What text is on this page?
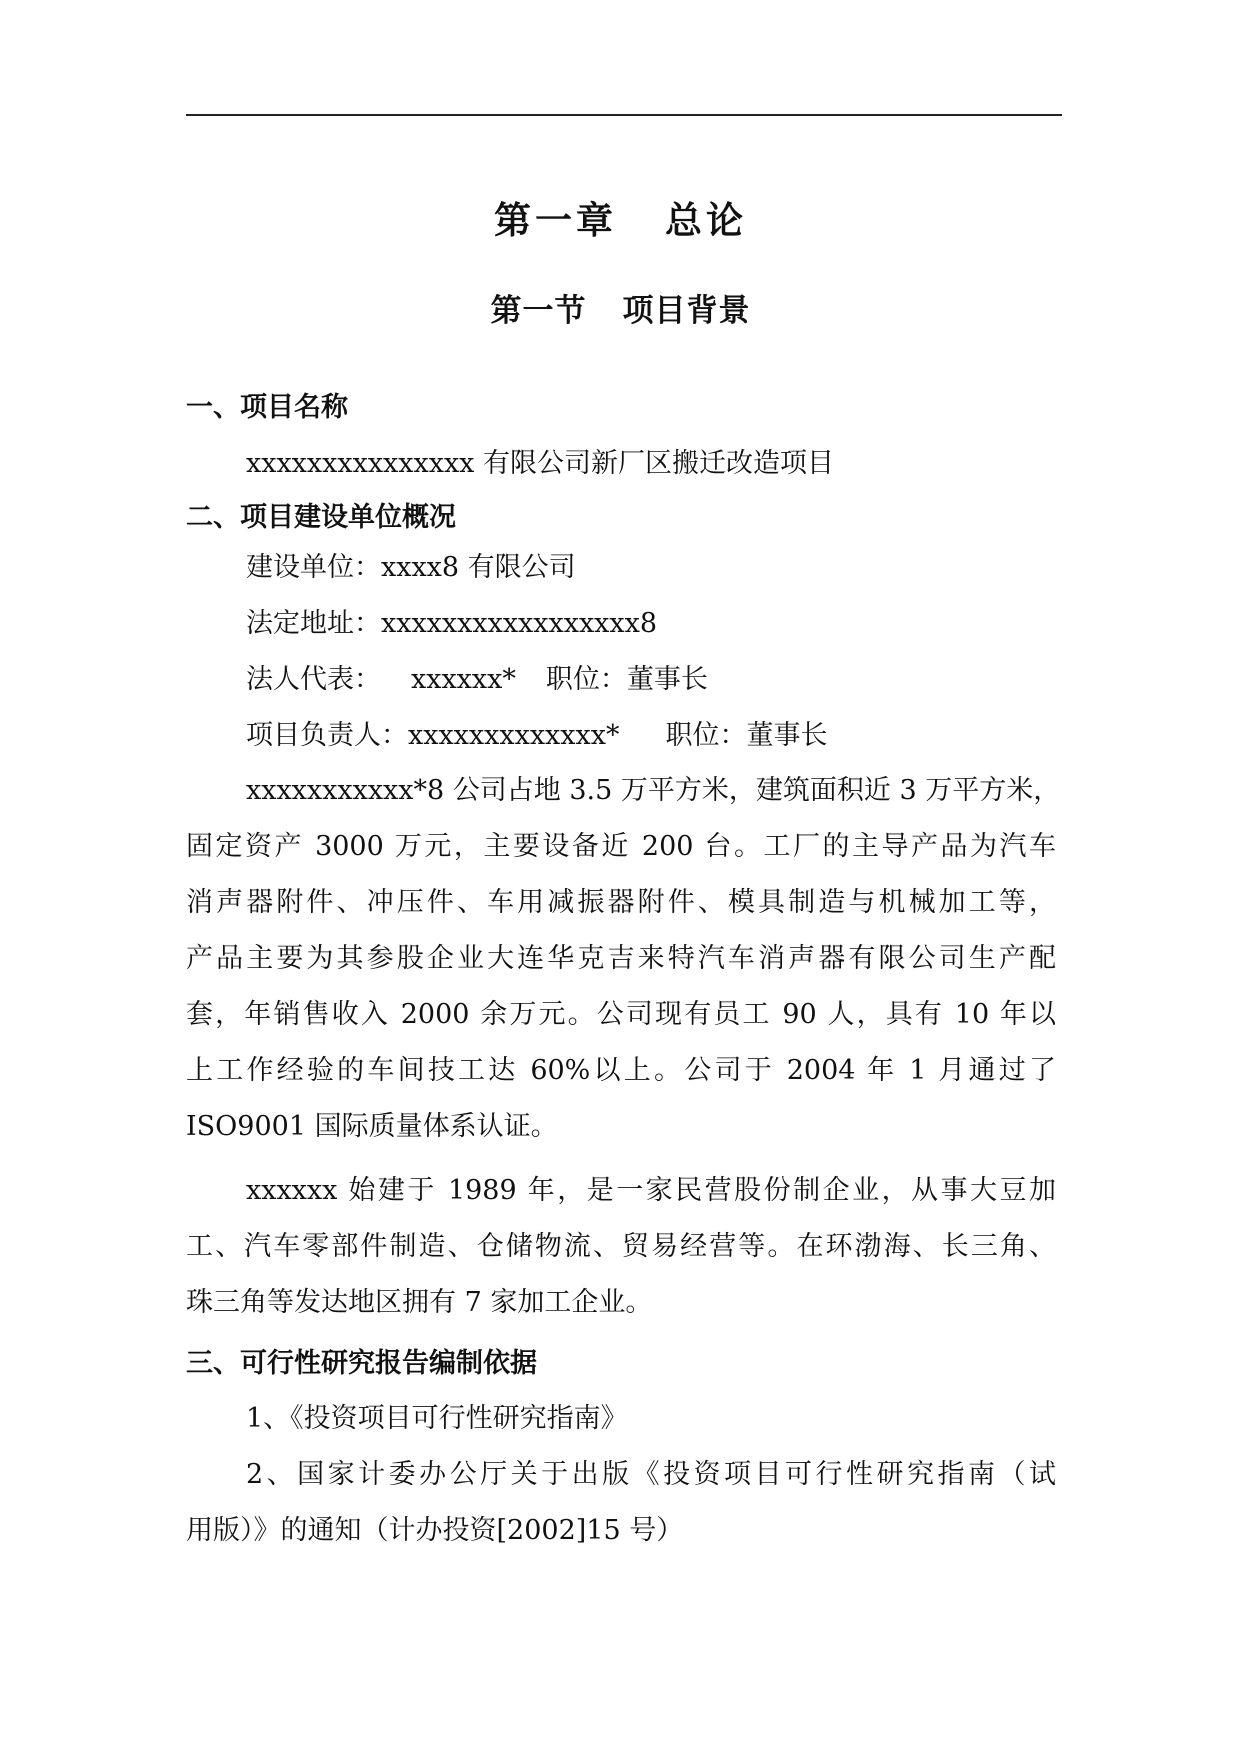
第一章 总论
第一节 项目背景
一、项目名称
xxxxxxxxxxxxxxx 有限公司新厂区搬迁改造项目
二、项目建设单位概况
建设单位：xxxx8 有限公司
法定地址：xxxxxxxxxxxxxxxxx8
法人代表： xxxxxx* 职位：董事长
项目负责人：xxxxxxxxxxxxx* 职位：董事长
xxxxxxxxxxx*8 公司占地 3.5 万平方米，建筑面积近 3 万平方米，
固定资产 3000 万元，主要设备近 200 台。工厂的主导产品为汽车
消声器附件、冲压件、车用减振器附件、模具制造与机械加工等，
产品主要为其参股企业大连华克吉来特汽车消声器有限公司生产配
套，年销售收入 2000 余万元。公司现有员工 90 人，具有 10 年以
上工作经验的车间技工达 60%以上。公司于 2004 年 1 月通过了
ISO9001 国际质量体系认证。
xxxxxx 始建于 1989 年，是一家民营股份制企业，从事大豆加
工、汽车零部件制造、仓储物流、贸易经营等。在环渤海、长三角、
珠三角等发达地区拥有 7 家加工企业。
三、可行性研究报告编制依据
1、《投资项目可行性研究指南》
2、国家计委办公厅关于出版《投资项目可行性研究指南（试
用版）》的通知（计办投资[2002]15 号）
